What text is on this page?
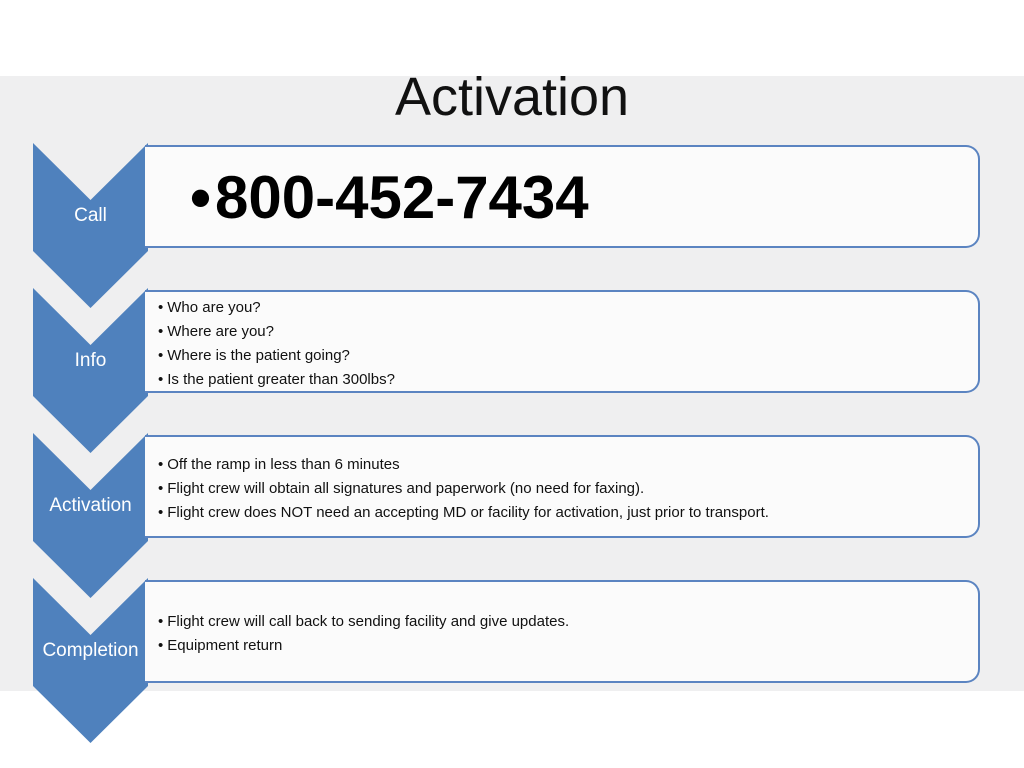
Activation
Call	•800-452-7434
Info
• Who are you?
• Where are you?
• Where is the patient going?
• Is the patient greater than 300lbs?
Activation
• Off the ramp in less than 6 minutes
• Flight crew will obtain all signatures and paperwork (no need for faxing).
• Flight crew does NOT need an accepting MD or facility for activation, just prior to transport.
Completion
• Flight crew will call back to sending facility and give updates.
• Equipment return
